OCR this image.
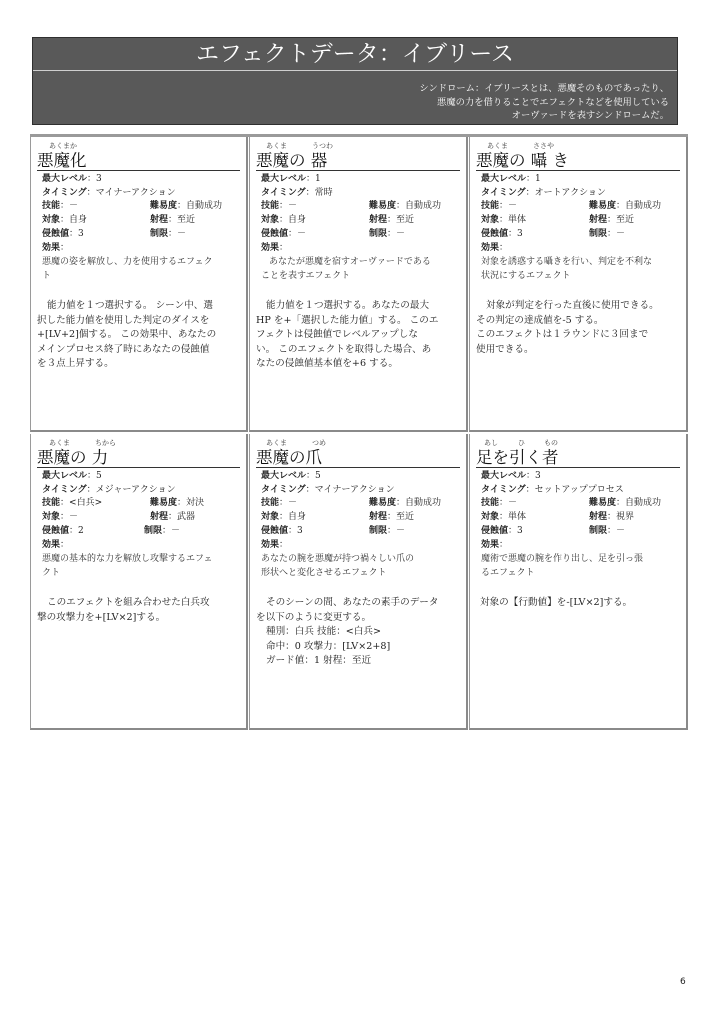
エフェクトデータ：イブリース
シンドローム：イブリースとは、悪魔そのものであったり、
悪魔の力を借りることでエフェクトなどを使用している
オーヴァードを表すシンドロームだ。
あくまか
悪魔化
最大レベル ： 3
タイミング ： マイナーアクション
技能：－	難易度：自動成功
対象：自身	射程：至近
侵蝕値：3	制限：－
効果 ：
悪魔の姿を解放し、力を使用するエフェク
ト

能力値を１つ選択する。 シーン中、選

択した能力値を使用した判定のダイスを

+[LV+2]個する。 この効果中、あなたの

メインプロセス終了時にあなたの侵蝕値

を３点上昇する。

あくま	うつわ
悪魔の 器
最大レベル ： 1
タイミング ： 常時
技能：－	難易度：自動成功
対象：自身	射程：至近
侵蝕値：－	制限：－
効果 ：
あなたが悪魔を宿すオーヴァードである
ことを表すエフェクト

能力値を１つ選択する。あなたの最大

HP を+「選択した能力値」する。 このエ

フェクトは侵蝕値でレベルアップしな

い。 このエフェクトを取得した場合、あ

なたの侵蝕値基本値を+6 する。

あくま	ささや
悪魔の 囁 き
最大レベル ： 1
タイミング ： オートアクション
技能：－	難易度：自動成功
対象：単体	射程：至近
侵蝕値：3	制限：－
効果 ：
対象を誘惑する囁きを行い、判定を不利な
状況にするエフェクト

対象が判定を行った直後に使用できる。

その判定の達成値を-5 する。

このエフェクトは１ラウンドに３回まで

使用できる。

あくま	ちから
悪魔の 力
最大レベル ： 5
タイミング ： メジャーアクション
技能：<白兵>	難易度：対決
対象：－	射程：武器
侵蝕値：2	制限：－
効果 ：
悪魔の基本的な力を解放し攻撃するエフェ
クト

このエフェクトを組み合わせた白兵攻

撃の攻撃力を+[LV×2]する。

あくま	つめ
悪魔の爪
最大レベル ： 5
タイミング ： マイナーアクション
技能：－	難易度：自動成功
対象：自身	射程：至近
侵蝕値：3	制限：－
効果 ：
あなたの腕を悪魔が持つ禍々しい爪の
形状へと変化させるエフェクト

そのシーンの間、あなたの素手のデータ

を以下のように変更する。

種別：白兵 技能：<白兵>

命中：0 攻撃力：[LV×2+8]

ガード値：1 射程：至近

あし	ひ	もの
足を引く者
最大レベル ： 3
タイミング ： セットアッププロセス
技能：－	難易度：自動成功
対象：単体	射程：視界
侵蝕値：3	制限：－
効果 ：
魔術で悪魔の腕を作り出し、足を引っ張
るエフェクト

対象の【行動値】を-[LV×2]する。

6
